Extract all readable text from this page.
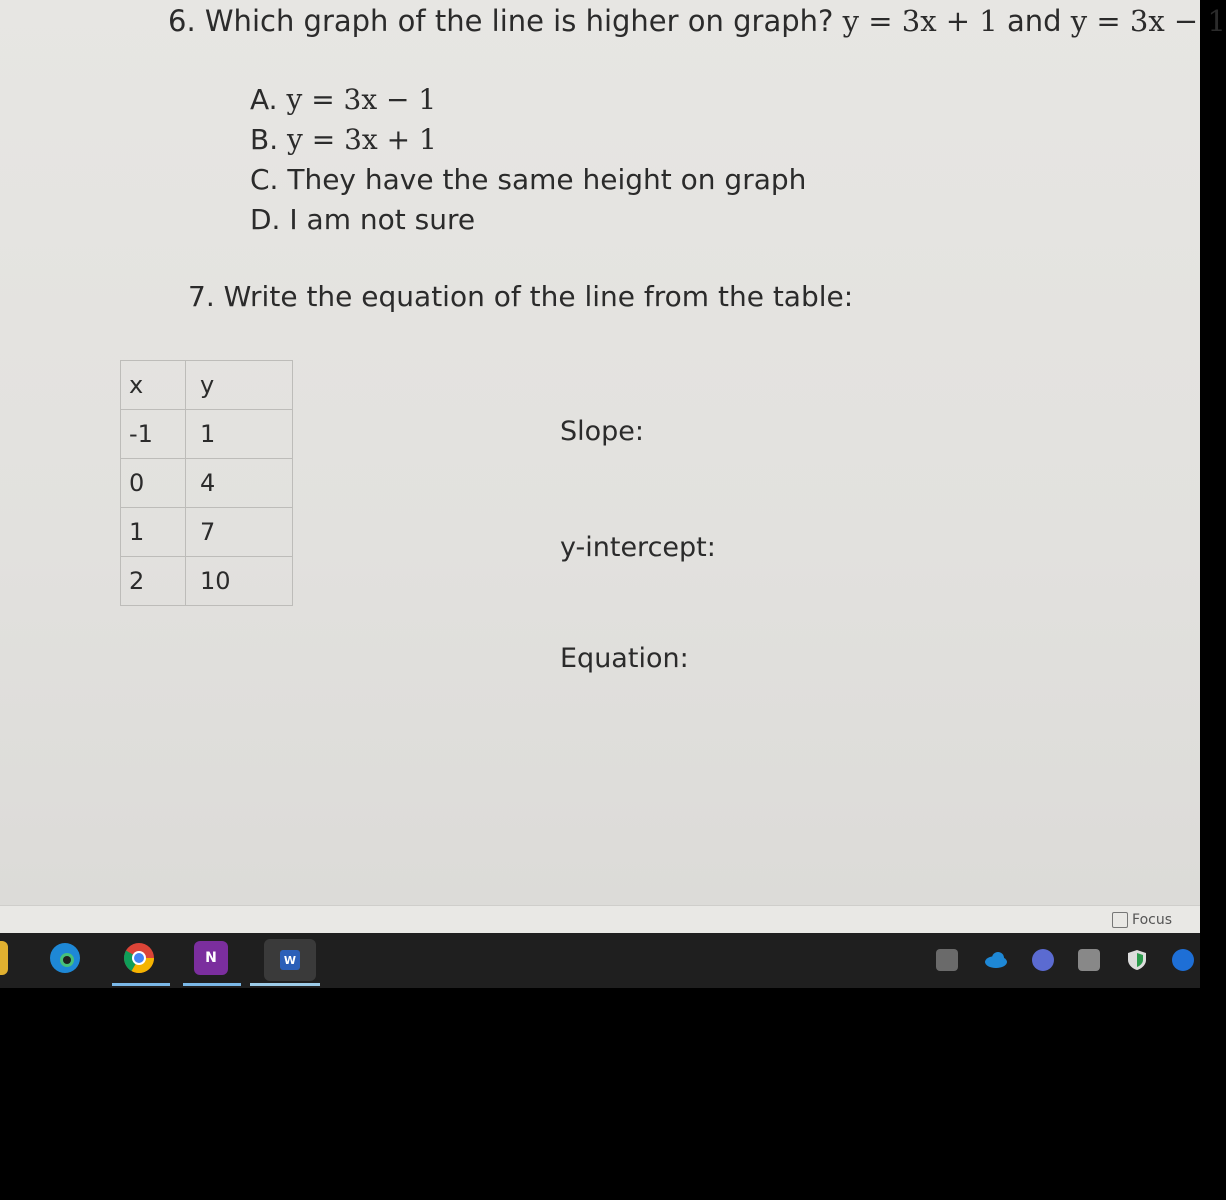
6. Which graph of the line is higher on graph? y = 3x + 1 and y = 3x − 1
A. y = 3x − 1
B. y = 3x + 1
C. They have the same height on graph
D. I am not sure
7. Write the equation of the line from the table:
x	y
-1	1
0	4
1	7
2	10
Slope:
y-intercept:
Equation:
Focus
N	W
